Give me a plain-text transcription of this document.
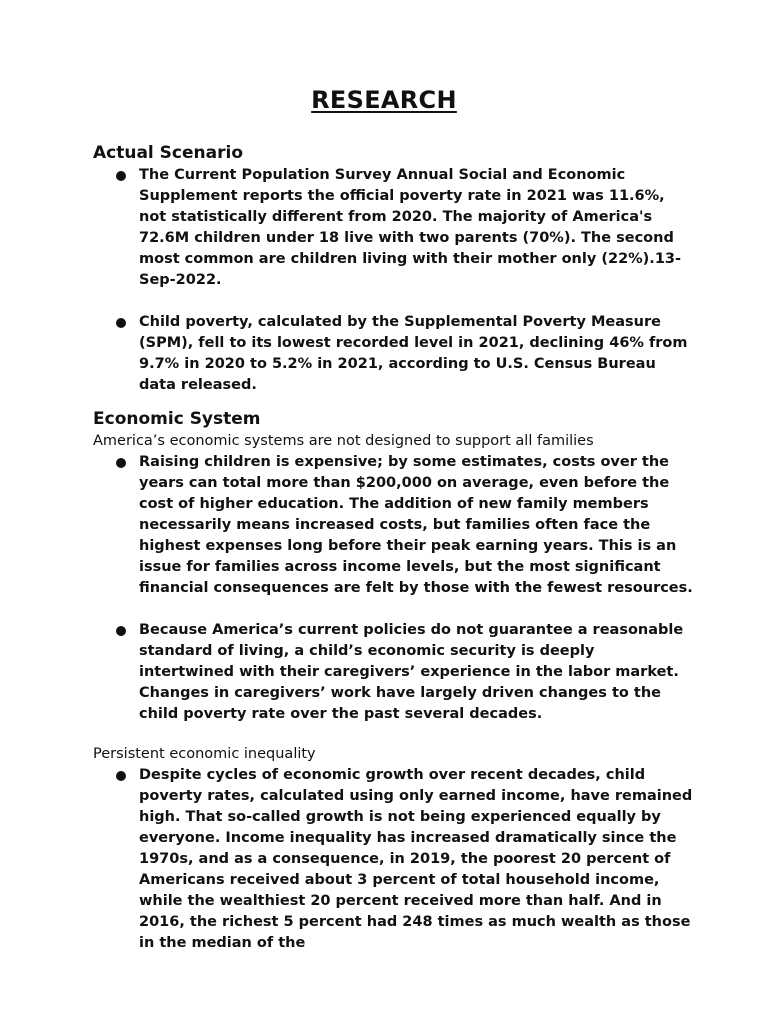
RESEARCH
Actual Scenario
The Current Population Survey Annual Social and Economic Supplement reports the official poverty rate in 2021 was 11.6%, not statistically different from 2020. The majority of America's 72.6M children under 18 live with two parents (70%). The second most common are children living with their mother only (22%).13-Sep-2022.
Child poverty, calculated by the Supplemental Poverty Measure (SPM), fell to its lowest recorded level in 2021, declining 46% from 9.7% in 2020 to 5.2% in 2021, according to U.S. Census Bureau data released.
Economic System

America’s economic systems are not designed to support all families

Raising children is expensive; by some estimates, costs over the years can total more than $200,000 on average, even before the cost of higher education. The addition of new family members necessarily means increased costs, but families often face the highest expenses long before their peak earning years. This is an issue for families across income levels, but the most significant financial consequences are felt by those with the fewest resources.
Because America’s current policies do not guarantee a reasonable standard of living, a child’s economic security is deeply intertwined with their caregivers’ experience in the labor market. Changes in caregivers’ work have largely driven changes to the child poverty rate over the past several decades.

Persistent economic inequality

Despite cycles of economic growth over recent decades, child poverty rates, calculated using only earned income, have remained high. That so-called growth is not being experienced equally by everyone. Income inequality has increased dramatically since the 1970s, and as a consequence, in 2019, the poorest 20 percent of Americans received about 3 percent of total household income, while the wealthiest 20 percent received more than half. And in 2016, the richest 5 percent had 248 times as much wealth as those in the median of the
